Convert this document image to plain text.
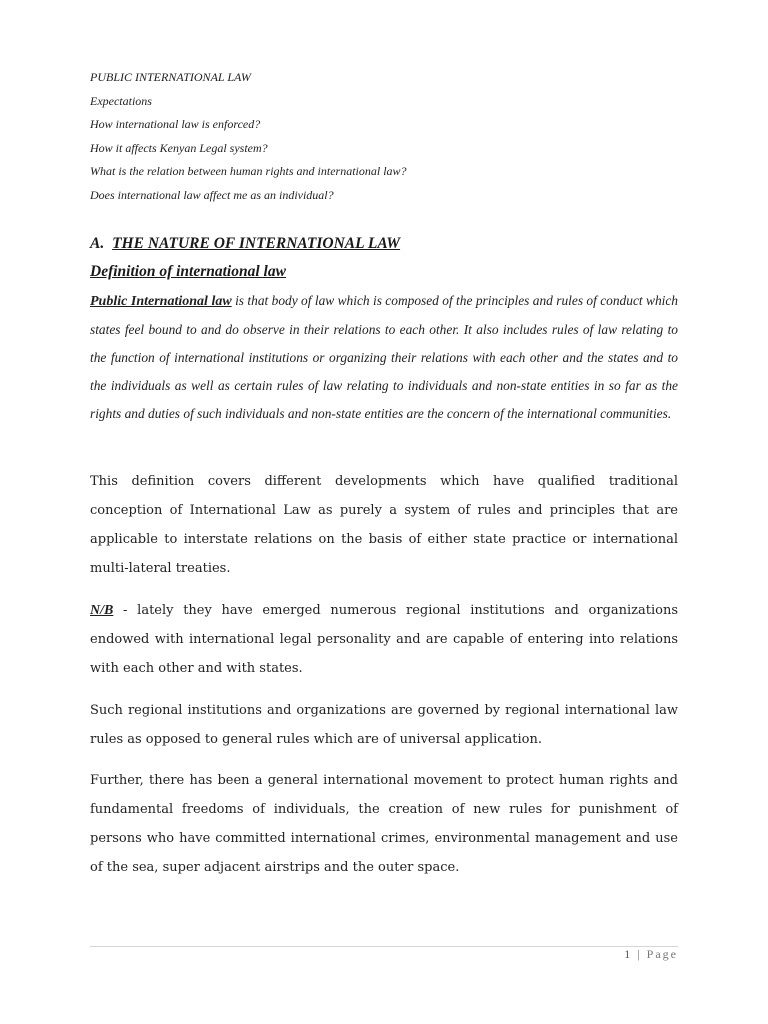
PUBLIC INTERNATIONAL LAW
Expectations
How international law is enforced?
How it affects Kenyan Legal system?
What is the relation between human rights and international law?
Does international law affect me as an individual?
A. THE NATURE OF INTERNATIONAL LAW
Definition of international law
Public International law is that body of law which is composed of the principles and rules of conduct which states feel bound to and do observe in their relations to each other. It also includes rules of law relating to the function of international institutions or organizing their relations with each other and the states and to the individuals as well as certain rules of law relating to individuals and non-state entities in so far as the rights and duties of such individuals and non-state entities are the concern of the international communities.
This definition covers different developments which have qualified traditional conception of International Law as purely a system of rules and principles that are applicable to interstate relations on the basis of either state practice or international multi-lateral treaties.
N/B - lately they have emerged numerous regional institutions and organizations endowed with international legal personality and are capable of entering into relations with each other and with states.
Such regional institutions and organizations are governed by regional international law rules as opposed to general rules which are of universal application.
Further, there has been a general international movement to protect human rights and fundamental freedoms of individuals, the creation of new rules for punishment of persons who have committed international crimes, environmental management and use of the sea, super adjacent airstrips and the outer space.
1 | Page
